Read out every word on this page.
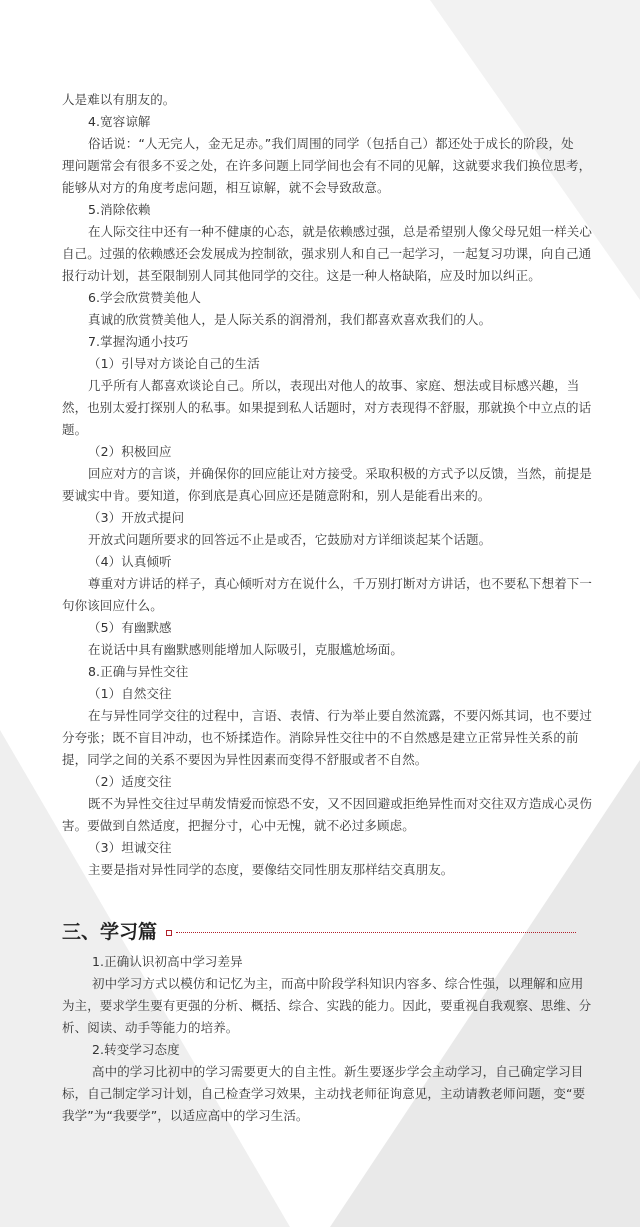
人是难以有朋友的。
4.宽容谅解
俗话说：“人无完人，金无足赤。”我们周围的同学（包括自己）都还处于成长的阶段，处
理问题常会有很多不妥之处，在许多问题上同学间也会有不同的见解，这就要求我们换位思考，
能够从对方的角度考虑问题，相互谅解，就不会导致敌意。
5.消除依赖
在人际交往中还有一种不健康的心态，就是依赖感过强，总是希望别人像父母兄姐一样关心
自己。过强的依赖感还会发展成为控制欲，强求别人和自己一起学习，一起复习功课，向自己通
报行动计划，甚至限制别人同其他同学的交往。这是一种人格缺陷，应及时加以纠正。
6.学会欣赏赞美他人
真诚的欣赏赞美他人，是人际关系的润滑剂，我们都喜欢喜欢我们的人。
7.掌握沟通小技巧
（1）引导对方谈论自己的生活
几乎所有人都喜欢谈论自己。所以，表现出对他人的故事、家庭、想法或目标感兴趣，当
然，也别太爱打探别人的私事。如果提到私人话题时，对方表现得不舒服，那就换个中立点的话
题。
（2）积极回应
回应对方的言谈，并确保你的回应能让对方接受。采取积极的方式予以反馈，当然，前提是
要诚实中肯。要知道，你到底是真心回应还是随意附和，别人是能看出来的。
（3）开放式提问
开放式问题所要求的回答远不止是或否，它鼓励对方详细谈起某个话题。
（4）认真倾听
尊重对方讲话的样子，真心倾听对方在说什么，千万别打断对方讲话，也不要私下想着下一
句你该回应什么。
（5）有幽默感
在说话中具有幽默感则能增加人际吸引，克服尴尬场面。
8.正确与异性交往
（1）自然交往
在与异性同学交往的过程中，言语、表情、行为举止要自然流露，不要闪烁其词，也不要过
分夸张；既不盲目冲动，也不矫揉造作。消除异性交往中的不自然感是建立正常异性关系的前
提，同学之间的关系不要因为异性因素而变得不舒服或者不自然。
（2）适度交往
既不为异性交往过早萌发情爱而惊恐不安，又不因回避或拒绝异性而对交往双方造成心灵伤
害。要做到自然适度，把握分寸，心中无愧，就不必过多顾虑。
（3）坦诚交往
主要是指对异性同学的态度，要像结交同性朋友那样结交真朋友。
三、学习篇
1.正确认识初高中学习差异
初中学习方式以模仿和记忆为主，而高中阶段学科知识内容多、综合性强，以理解和应用
为主，要求学生要有更强的分析、概括、综合、实践的能力。因此，要重视自我观察、思维、分
析、阅读、动手等能力的培养。
2.转变学习态度
高中的学习比初中的学习需要更大的自主性。新生要逐步学会主动学习，自己确定学习目
标，自己制定学习计划，自己检查学习效果，主动找老师征询意见，主动请教老师问题，变“要
我学”为“我要学”，以适应高中的学习生活。
